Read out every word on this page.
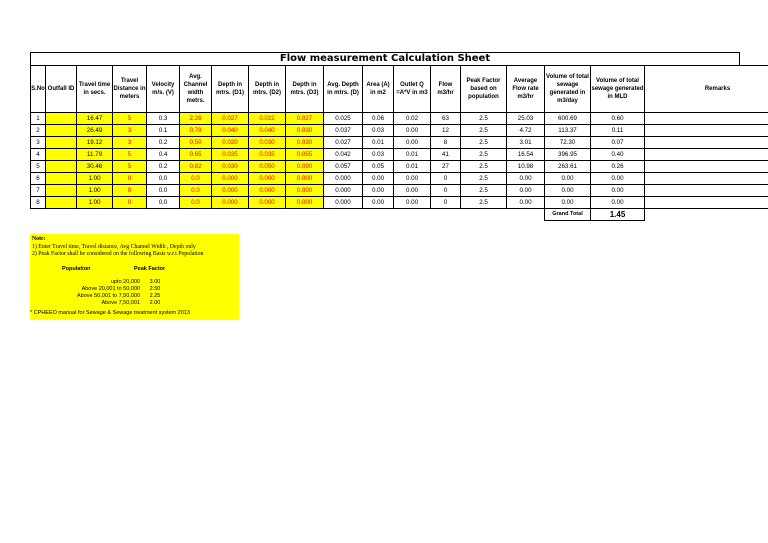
Flow measurement Calculation Sheet
S.No	Outfall ID	Travel time in secs.	Travel Distance in meters	Velocity m/s. (V)	Avg. Channel width metrs.	Depth in mtrs. (D1)	Depth in mtrs. (D2)	Depth in mtrs. (D3)	Avg. Depth in mtrs. (D)	Area (A) in m2	Outlet Q =A*V in m3	Flow m3/hr	Peak Factor based on population	Average Flow rate m3/hr	Volume of total sewage generated in m3/day	Volume of total sewage generated in MLD	Remarks
1		16.47	5	0.3	2.26	0.027	0.022	0.027	0.025	0.06	0.02	63	2.5	25.03	600.69	0.60	
2		26.49	3	0.1	0.79	0.040	0.040	0.030	0.037	0.03	0.00	12	2.5	4.72	113.37	0.11	
3		19.12	3	0.2	0.50	0.020	0.030	0.030	0.027	0.01	0.00	8	2.5	3.01	72.30	0.07	
4		11.79	5	0.4	0.65	0.035	0.035	0.055	0.042	0.03	0.01	41	2.5	16.54	396.95	0.40	
5		30.46	5	0.2	0.82	0.030	0.050	0.090	0.057	0.05	0.01	27	2.5	10.98	263.61	0.26	
6		1.00	0	0.0	0.0	0.000	0.000	0.000	0.000	0.00	0.00	0	2.5	0.00	0.00	0.00	
7		1.00	0	0.0	0.0	0.000	0.000	0.000	0.000	0.00	0.00	0	2.5	0.00	0.00	0.00	
8		1.00	0	0.0	0.0	0.000	0.000	0.000	0.000	0.00	0.00	0	2.5	0.00	0.00	0.00	
															Grand Total	1.45	
Note:
1) Enter Travel time, Travel distance, Avg Channel Width , Depth only
2) Peak Factor shall be considered on the following Basis w.r.t Population
Population	Peak Factor
upto 20,000	3.00
Above 20,001 to 50,000	2.50
Above 50,001 to 7,50,000	2.25
Above 7,50,001	2.00
* CPHEEO manual for Sewage & Sewage treatment system 2013
